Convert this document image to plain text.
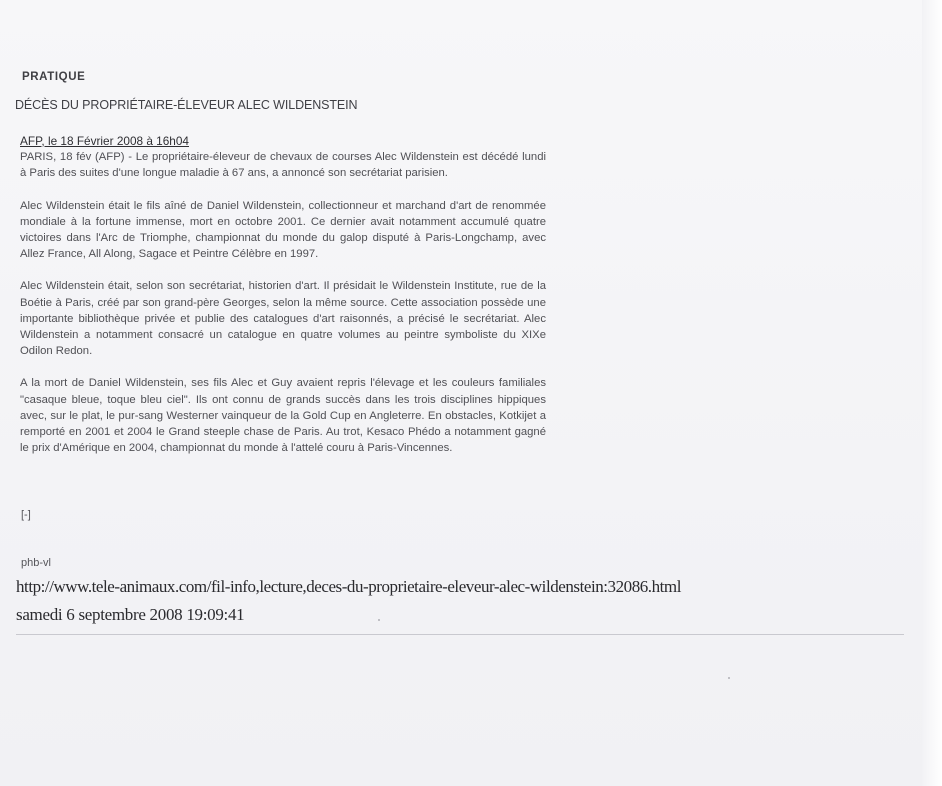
PRATIQUE
DÉCÈS DU PROPRIÉTAIRE-ÉLEVEUR ALEC WILDENSTEIN
AFP, le 18 Février 2008 à 16h04

PARIS, 18 fév (AFP) - Le propriétaire-éleveur de chevaux de courses Alec Wildenstein est décédé lundi à Paris des suites d'une longue maladie à 67 ans, a annoncé son secrétariat parisien.

Alec Wildenstein était le fils aîné de Daniel Wildenstein, collectionneur et marchand d'art de renommée mondiale à la fortune immense, mort en octobre 2001. Ce dernier avait notamment accumulé quatre victoires dans l'Arc de Triomphe, championnat du monde du galop disputé à Paris-Longchamp, avec Allez France, All Along, Sagace et Peintre Célèbre en 1997.

Alec Wildenstein était, selon son secrétariat, historien d'art. Il présidait le Wildenstein Institute, rue de la Boétie à Paris, créé par son grand-père Georges, selon la même source. Cette association possède une importante bibliothèque privée et publie des catalogues d'art raisonnés, a précisé le secrétariat. Alec Wildenstein a notamment consacré un catalogue en quatre volumes au peintre symboliste du XIXe Odilon Redon.

A la mort de Daniel Wildenstein, ses fils Alec et Guy avaient repris l'élevage et les couleurs familiales "casaque bleue, toque bleu ciel". Ils ont connu de grands succès dans les trois disciplines hippiques avec, sur le plat, le pur-sang Westerner vainqueur de la Gold Cup en Angleterre. En obstacles, Kotkijet a remporté en 2001 et 2004 le Grand steeple chase de Paris. Au trot, Kesaco Phédo a notamment gagné le prix d'Amérique en 2004, championnat du monde à l'attelé couru à Paris-Vincennes.

[-]
phb-vl
http://www.tele-animaux.com/fil-info,lecture,deces-du-proprietaire-eleveur-alec-wildenstein:32086.html
samedi 6 septembre 2008 19:09:41
